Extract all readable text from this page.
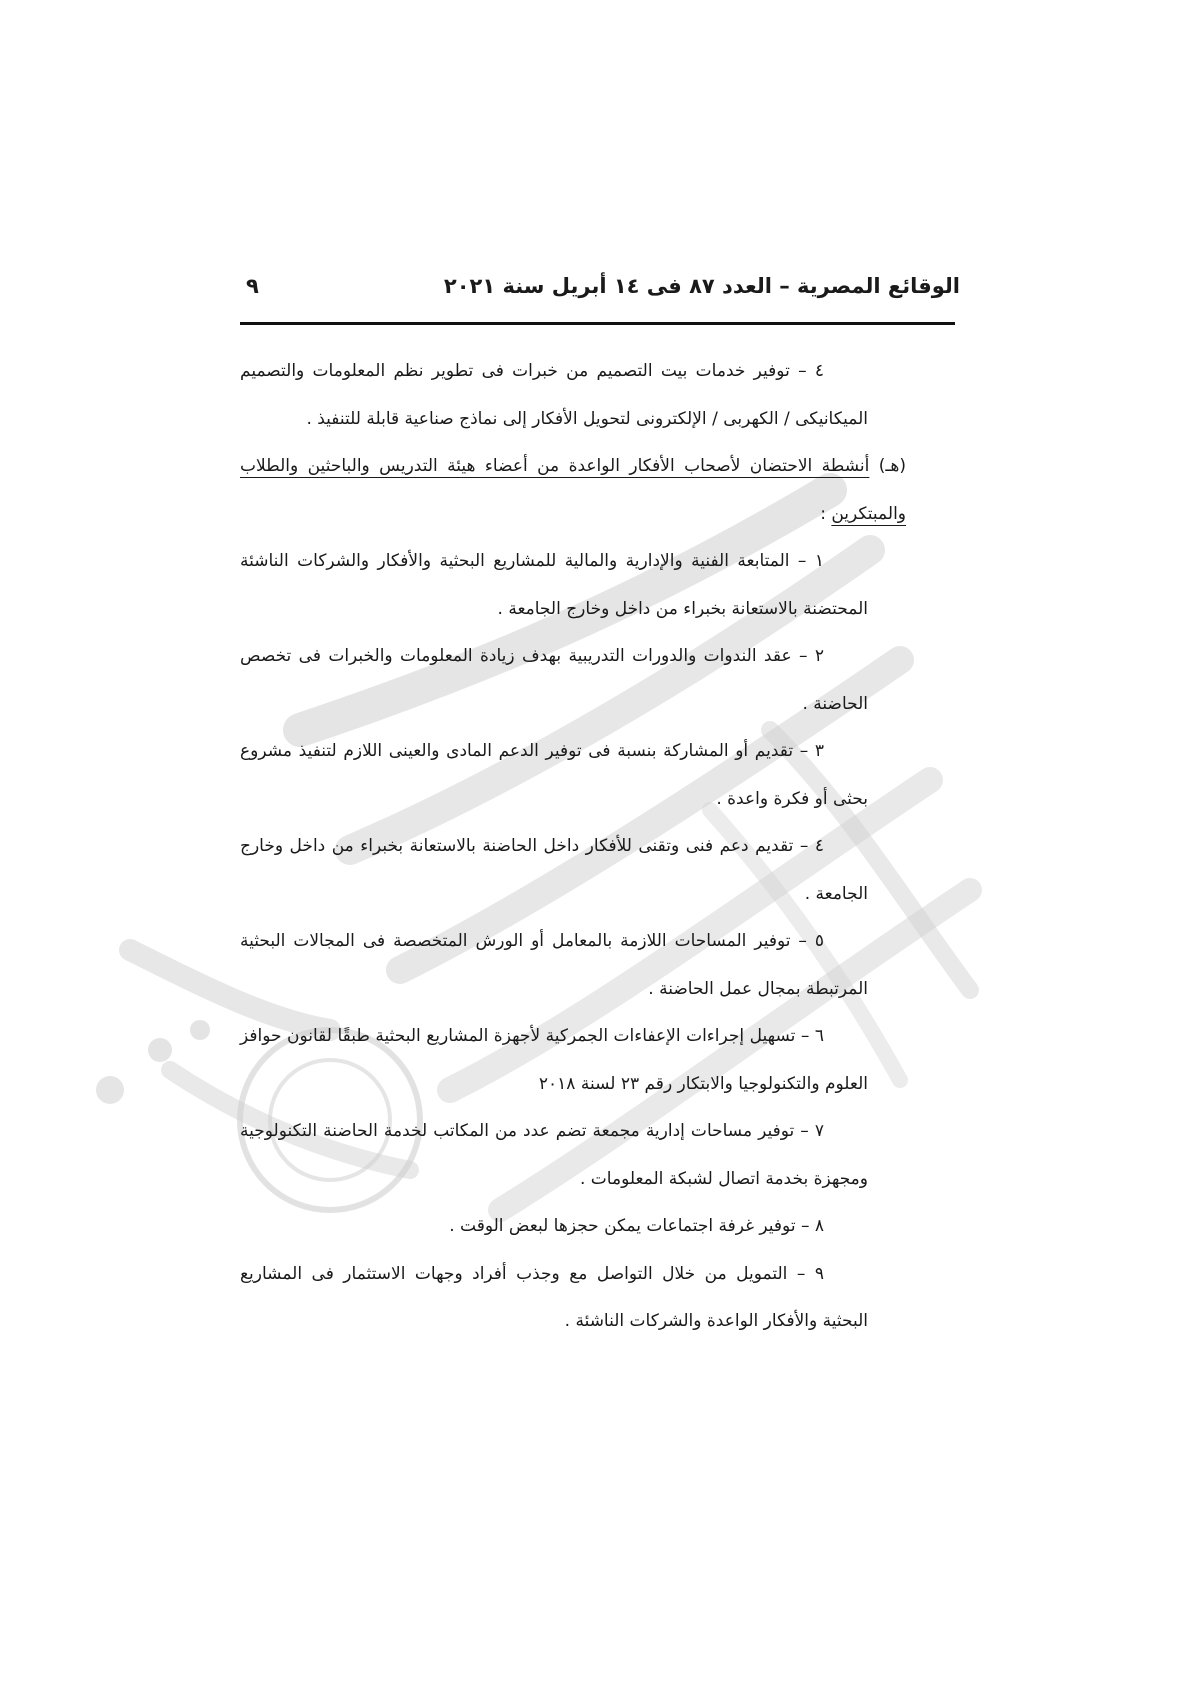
الوقائع المصرية – العدد ٨٧ فى ١٤ أبريل سنة ٢٠٢١
٩

٤ – توفير خدمات بيت التصميم من خبرات فى تطوير نظم المعلومات والتصميم الميكانيكى / الكهربى / الإلكترونى لتحويل الأفكار إلى نماذج صناعية قابلة للتنفيذ .

(هـ) أنشطة الاحتضان لأصحاب الأفكار الواعدة من أعضاء هيئة التدريس والباحثين والطلاب والمبتكرين :

١ – المتابعة الفنية والإدارية والمالية للمشاريع البحثية والأفكار والشركات الناشئة المحتضنة بالاستعانة بخبراء من داخل وخارج الجامعة .

٢ – عقد الندوات والدورات التدريبية بهدف زيادة المعلومات والخبرات فى تخصص الحاضنة .

٣ – تقديم أو المشاركة بنسبة فى توفير الدعم المادى والعينى اللازم لتنفيذ مشروع بحثى أو فكرة واعدة .

٤ – تقديم دعم فنى وتقنى للأفكار داخل الحاضنة بالاستعانة بخبراء من داخل وخارج الجامعة .

٥ – توفير المساحات اللازمة بالمعامل أو الورش المتخصصة فى المجالات البحثية المرتبطة بمجال عمل الحاضنة .

٦ – تسهيل إجراءات الإعفاءات الجمركية لأجهزة المشاريع البحثية طبقًا لقانون حوافز العلوم والتكنولوجيا والابتكار رقم ٢٣ لسنة ٢٠١٨

٧ – توفير مساحات إدارية مجمعة تضم عدد من المكاتب لخدمة الحاضنة التكنولوجية ومجهزة بخدمة اتصال لشبكة المعلومات .

٨ – توفير غرفة اجتماعات يمكن حجزها لبعض الوقت .

٩ – التمويل من خلال التواصل مع وجذب أفراد وجهات الاستثمار فى المشاريع البحثية والأفكار الواعدة والشركات الناشئة .
